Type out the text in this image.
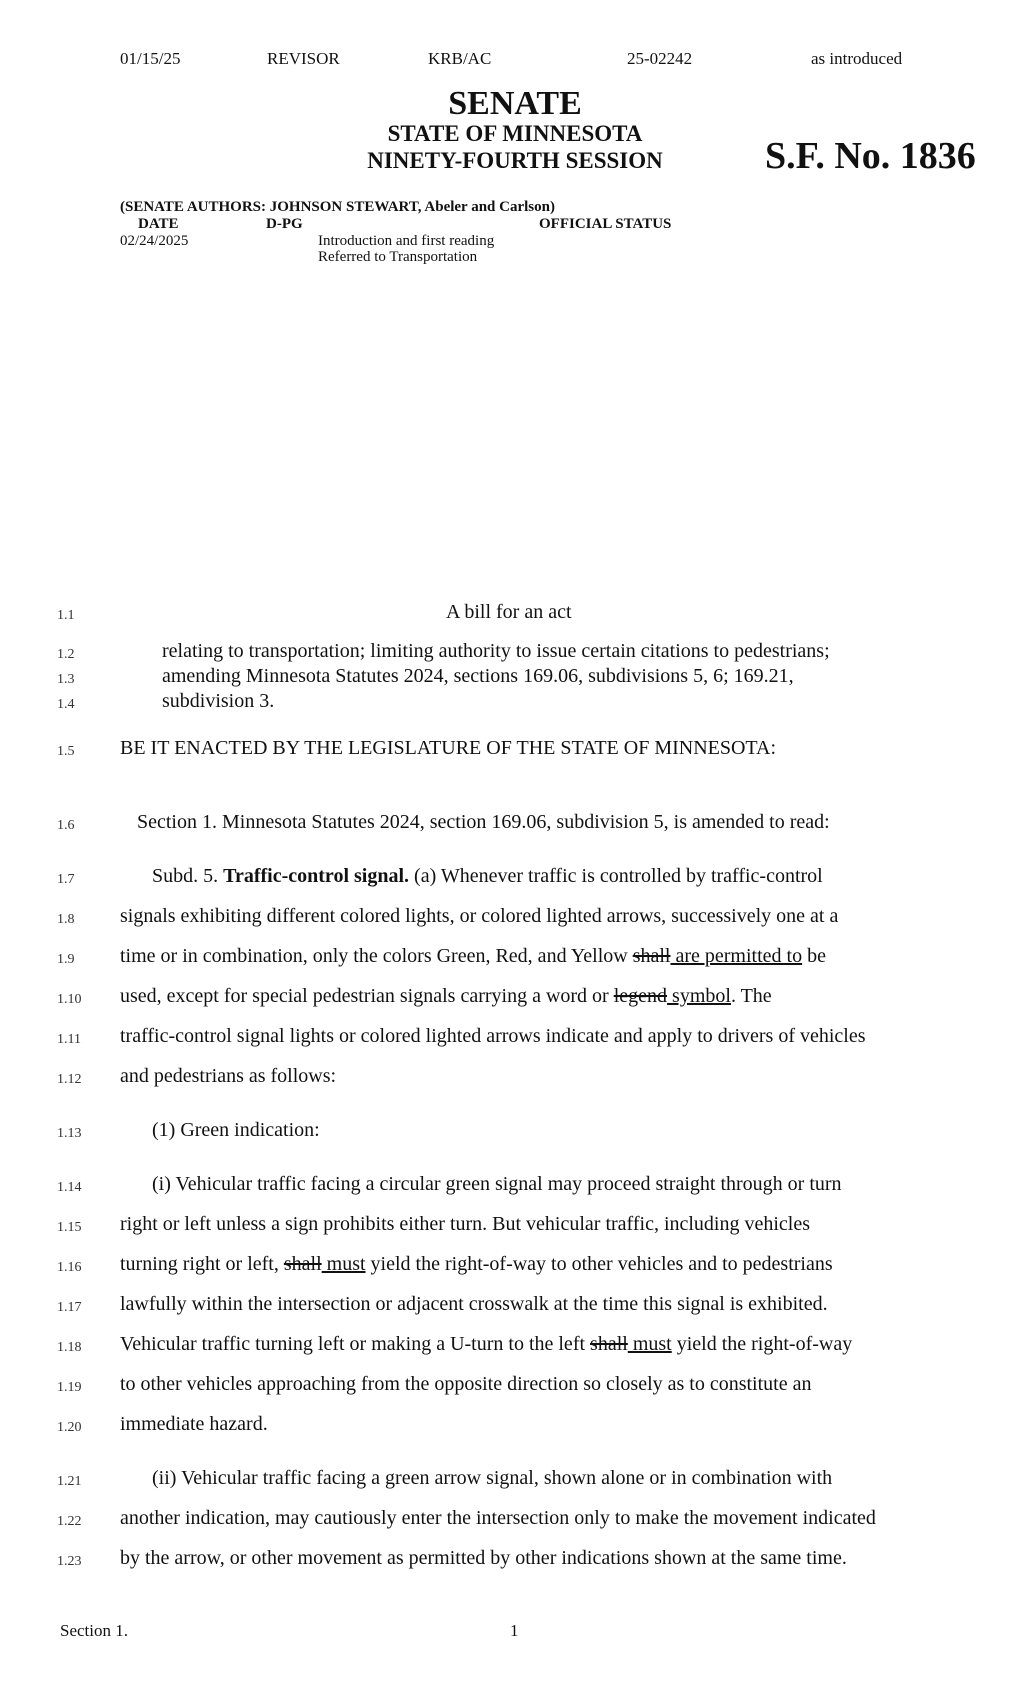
01/15/25	REVISOR	KRB/AC	25-02242	as introduced
SENATE
STATE OF MINNESOTA
NINETY-FOURTH SESSION	S.F. No. 1836
(SENATE AUTHORS: JOHNSON STEWART, Abeler and Carlson)
DATE	D-PG	OFFICIAL STATUS
02/24/2025	Introduction and first reading
Referred to Transportation
1.1	A bill for an act
1.2	relating to transportation; limiting authority to issue certain citations to pedestrians;
1.3	amending Minnesota Statutes 2024, sections 169.06, subdivisions 5, 6; 169.21,
1.4	subdivision 3.
1.5 BE IT ENACTED BY THE LEGISLATURE OF THE STATE OF MINNESOTA:
1.6	Section 1. Minnesota Statutes 2024, section 169.06, subdivision 5, is amended to read:
1.7	Subd. 5. Traffic-control signal. (a) Whenever traffic is controlled by traffic-control
1.8 signals exhibiting different colored lights, or colored lighted arrows, successively one at a
1.9 time or in combination, only the colors Green, Red, and Yellow shall are permitted to be
1.10 used, except for special pedestrian signals carrying a word or legend symbol. The
1.11 traffic-control signal lights or colored lighted arrows indicate and apply to drivers of vehicles
1.12 and pedestrians as follows:
1.13	(1) Green indication:
1.14	(i) Vehicular traffic facing a circular green signal may proceed straight through or turn
1.15 right or left unless a sign prohibits either turn. But vehicular traffic, including vehicles
1.16 turning right or left, shall must yield the right-of-way to other vehicles and to pedestrians
1.17 lawfully within the intersection or adjacent crosswalk at the time this signal is exhibited.
1.18 Vehicular traffic turning left or making a U-turn to the left shall must yield the right-of-way
1.19 to other vehicles approaching from the opposite direction so closely as to constitute an
1.20 immediate hazard.
1.21	(ii) Vehicular traffic facing a green arrow signal, shown alone or in combination with
1.22 another indication, may cautiously enter the intersection only to make the movement indicated
1.23 by the arrow, or other movement as permitted by other indications shown at the same time.
Section 1.	1
